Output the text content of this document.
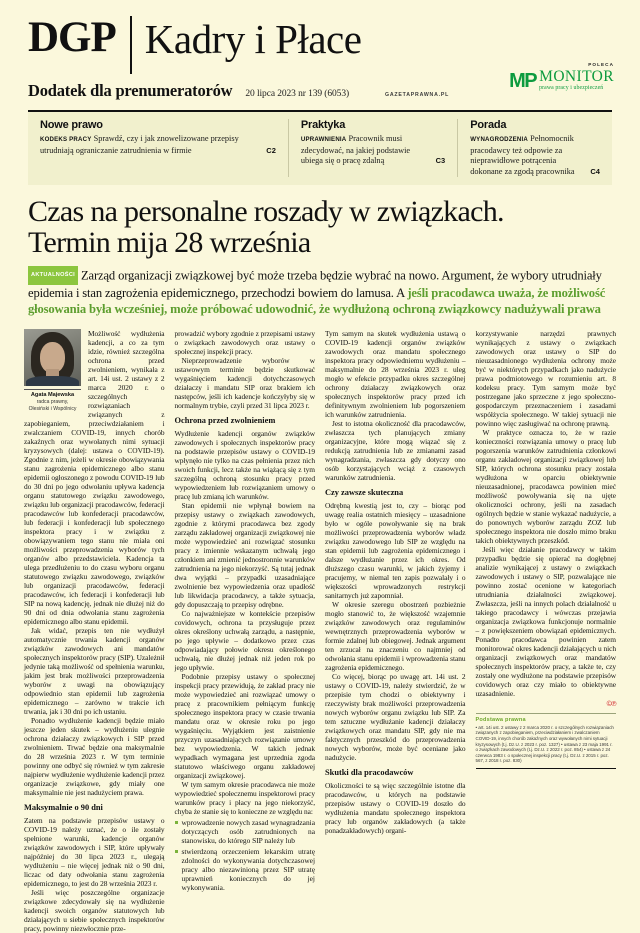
DGP Kadry i Płace
Dodatek dla prenumeratorów 20 lipca 2023 nr 139 (6053)	GAZETAPRAWNA.PL
POLECA
MP MONITOR
prawa pracy i ubezpieczeń
Nowe prawo
KODEKS PRACY Sprawdź, czy i jak znowelizowane przepisy utrudniają ograniczanie zatrudnienia w firmie	C2
Praktyka
UPRAWNIENIA Pracownik musi zdecydować, na jakiej podstawie ubiega się o pracę zdalną	C3
Porada
WYNAGRODZENIA Pełnomocnik pracodawcy też odpowie za nieprawidłowe potrącenia dokonane za zgodą pracownika C4
Czas na personalne roszady w związkach.
Termin mija 28 września
AKTUALNOŚCI Zarząd organizacji związkowej być może trzeba będzie wybrać na nowo. Argument, że wybory utrudniały epidemia i stan zagrożenia epidemicznego, przechodzi bowiem do lamusa. A jeśli pracodawca uważa, że możliwość głosowania była wcześniej, może próbować udowodnić, że wydłużoną ochroną związkowcy nadużywali prawa
Agata Majewska
radca prawny,
Olesiński i Wspólnicy

Możliwość wydłużenia kadencji, a co za tym idzie, również szczególna ochrona przed zwolnieniem, wynikała z art. 14i ust. 2 ustawy z 2 marca 2020 r. o szczególnych rozwiązaniach związanych z zapobieganiem, przeciwdziałaniem i zwalczaniem COVID-19, innych chorób zakaźnych oraz wywołanych nimi sytuacji kryzysowych (dalej: ustawa o COVID-19). Zgodnie z nim, jeżeli w okresie obowiązywania stanu zagrożenia epidemicznego albo stanu epidemii ogłoszonego z powodu COVID-19 lub do 30 dni po jego odwołaniu upływa kadencja organu statutowego związku zawodowego, związku lub organizacji pracodawców, federacji pracodawców lub konfederacji pracodawców, lub federacji i konfederacji lub społecznego inspektora pracy i w związku z obowiązywaniem tego stanu nie miała oni możliwości przeprowadzenia wyborów tych organów albo przedstawiciela. Kadencja ta ulega przedłużeniu to do czasu wyboru organu statutowego związku zawodowego, związków lub organizacji pracodawców, federacji pracodawców, ich federacji i konfederacji lub SIP na nową kadencję, jednak nie dłużej niż do 90 dni od dnia odwołania stanu zagrożenia epidemicznego albo stanu epidemii.

Jak widać, przepis ten nie wydłużył automatycznie trwania kadencji organów związków zawodowych ani mandatów społecznych inspektorów pracy (SIP). Uzależnił jedynie taką możliwość od spełnienia warunku, jakim jest brak możliwości przeprowadzenia wyborów z uwagi na obowiązujący odpowiednio stan epidemii lub zagrożenia epidemicznego – zarówno w trakcie ich trwania, jak i 30 dni po ich ustaniu.

Ponadto wydłużenie kadencji będzie miało jeszcze jeden skutek – wydłużeniu ulegnie ochrona działaczy związkowych i SIP przed zwolnieniem. Trwać będzie ona maksymalnie do 28 września 2023 r. W tym terminie powinny one odbyć się również w tym zakresie najpierw wydłużenie wydłużenie kadencji przez organizacje związkowe, gdy miały one maksymalnie nie jest nadużyciem prawa.

Maksymalnie o 90 dni

Zatem na podstawie przepisów ustawy o COVID-19 należy uznać, że o ile zostały spełnione warunki, kadencje organów związków zawodowych i SIP, które upływały najpóźniej do 30 lipca 2023 r., ulegają wydłużeniu – nie więcej jednak niż o 90 dni, liczac od daty odwołania stanu zagrożenia epidemicznego, to jest do 28 września 2023 r.

Jeśli więc poszczególne organizacje związkowe zdecydowały się na wydłużenie kadencji swoich organów statutowych lub działających u siebie społecznych inspektorów pracy, powinny niezwłocznie prze-

prowadzić wybory zgodnie z przepisami ustawy o związkach zawodowych oraz ustawy o społecznej inspekcji pracy.

Nieprzeprowadzenie wyborów w ustawowym terminie będzie skutkować wygaśnięciem kadencji dotychczasowych działaczy i mandatu SIP oraz brakiem ich następców, jeśli ich kadencje kończyłyby się w normalnym trybie, czyli przed 31 lipca 2023 r.

Ochrona przed zwolnieniem

Wydłużenie kadencji organów związków zawodowych i społecznych inspektorów pracy na podstawie przepisów ustawy o COVID-19 wpłynęło nie tylko na czas pełnienia przez nich swoich funkcji, lecz także na wiążącą się z tym szczególną ochroną stosunku pracy przed wypowiedzeniem lub rozwiązaniem umowy o pracę lub zmianą ich warunków.

Stan epidemii nie wpłynął bowiem na przepisy ustawy o związkach zawodowych, zgodnie z którymi pracodawca bez zgody zarządu zakładowej organizacji związkowej nie może wypowiedzieć ani rozwiązać stosunku pracy z imiennie wskazanym uchwałą jego członkiem ani zmienić jednostronnie warunków zatrudnienia na jego niekorzyść. Są tutaj jednak dwa wyjątki – przypadki uzasadniające zwolnienie bez wypowiedzenia oraz upadłość lub likwidacja pracodawcy, a także sytuacja, gdy dopuszczają to przepisy odrębne.

Co najważniejsze w kontekście przepisów covidowych, ochrona ta przysługuje przez okres określony uchwałą zarządu, a następnie, po jego upływie – dodatkowo przez czas odpowiadający połowie okresu określonego uchwałą, nie dłużej jednak niż jeden rok po jego upływie.

Podobnie przepisy ustawy o społecznej inspekcji pracy przewidują, że zakład pracy nie może wypowiedzieć ani rozwiązać umowy o pracę z pracownikiem pełniącym funkcję społecznego inspektora pracy w czasie trwania mandatu oraz w okresie roku po jego wygaśnięciu. Wyjątkiem jest zaistnienie przyczyn uzasadniających rozwiązanie umowy bez wypowiedzenia. W takich jednak wypadkach wymagana jest uprzednia zgoda statutowo właściwego organu zakładowej organizacji związkowej.

W tym samym okresie pracodawca nie może wypowiedzieć społecznemu inspektorowi pracy warunków pracy i płacy na jego niekorzyść, chyba że stanie się to konieczne ze względu na:

wprowadzenie nowych zasad wynagradzania dotyczących osób zatrudnionych na stanowisku, do którego SIP należy lub
stwierdzoną orzeczeniem lekarskim utratę zdolności do wykonywania dotychczasowej pracy albo niezawinioną przez SIP utratę uprawnień koniecznych do jej wykonywania.

Tym samym na skutek wydłużenia ustawą o COVID-19 kadencji organów związków zawodowych oraz mandatu społecznego inspektora pracy odpowiedniemu wydłużeniu – maksymalnie do 28 września 2023 r. uleg mogło w efekcie przypadku okres szczególnej ochrony działaczy związkowych oraz społecznych inspektorów pracy przed ich definitywnym zwolnieniem lub pogorszeniem ich warunków zatrudnienia.

Jest to istotna okoliczność dla pracodawców, zwłaszcza tych planujących zmiany organizacyjne, które mogą wiązać się z redukcją zatrudnienia lub ze zmianami zasad wynagradzania, zwłaszcza gdy dotyczy ono osób korzystających wciąż z czasowych warunków zatrudnienia.

Czy zawsze skuteczna

Odrębną kwestią jest to, czy – biorąc pod uwagę realia ostatnich miesięcy – uzasadnione było w ogóle powoływanie się na brak możliwości przeprowadzenia wyborów władz związku zawodowego lub SIP ze względu na stan epidemii lub zagrożenia epidemicznego i dalsze wydłużanie przez ich okres. Od dłuższego czasu warunki, w jakich żyjemy i pracujemy, w niemal ten zapis pozwalały i o większości wprowadzonych restrykcji sanitarnych już zapomniał.

W okresie szeregu obostrzeń pozbieżnie mogło stanowić to, że większość wzajemnie związków zawodowych oraz regulaminów wewnętrznych przeprowadzenia wyborów w formie zdalnej lub obiegowej. Jednak argument ten zrzucał na znaczeniu co najmniej od odwołania stanu epidemii i wprowadzenia stanu zagrożenia epidemicznego.

Co więcej, biorąc po uwagę art. 14i ust. 2 ustawy o COVID-19, należy stwierdzić, że w przepisie tym chodzi o obiektywny i rzeczywisty brak możliwości przeprowadzenia nowych wyborów organu związku lub SIP. Za tem sztuczne wydłużanie kadencji działaczy związkowych oraz mandatu SIP, gdy nie ma faktycznych przeszkód do przeprowadzenia nowych wyborów, może być oceniane jako nadużycie.

Skutki dla pracodawców

Okoliczności te są więc szczególnie istotne dla pracodawców, u których na podstawie przepisów ustawy o COVID-19 doszło do wydłużenia mandatu społecznego inspektora pracy lub organów zakładowych (a także ponadzakładowych) organi-

korzystywanie narzędzi prawnych wynikających z ustawy o związkach zawodowych oraz ustawy o SIP do nieuzasadnionego wydłużenia ochrony może być w niektórych przypadkach jako nadużycie prawa podmiotowego w rozumieniu art. 8 kodeksu pracy. Tym samym może być postrzegane jako sprzeczne z jego społeczno-gospodarczym przeznaczeniem i zasadami współżycia społecznego. W takiej sytuacji nie powinno więc zasługiwać na ochronę prawną.

W praktyce oznacza to, że w razie konieczności rozwiązania umowy o pracę lub pogorszenia warunków zatrudnienia członkowi organu zakładowej organizacji związkowej lub SIP, których ochrona stosunku pracy została wydłużona w oparciu obiektywnie nieuzasadnionej, pracodawca powinien mieć możliwość powoływania się na ujęte okoliczności ochrony, jeśli na zasadach ogólnych będzie w stanie wykazać nadużycie, a do ponownych wyborów zarządu ZOZ lub społecznego inspektora nie doszło mimo braku takich obiektywnych przeszkód.

Jeśli więc działanie pracodawcy w takim przypadku będzie się opierać na dogłębnej analizie wynikającej z ustawy o związkach zawodowych i ustawy o SIP, pozwalające nie powinno zostać ocenione w kategoriach utrudniania działalności związkowej. Zwłaszcza, jeśli na innych polach działalność u takiego pracodawcy i wówczas przejawia organizacja związkowa funkcjonuje normalnie – z powiększeniem obowiązań epidemicznych. Ponadto pracodawca powinien zatem monitorować okres kadencji działających u nich organizacji związkowych oraz mandatów społecznych inspektorów pracy, a także te, czy zostały one wydłużone na podstawie przepisów covidowych oraz czy miało to obiektywne uzasadnienie.

©℗
Podstawa prawna

• art. 14i ust. 2 ustawy z 2 marca 2020 r. o szczególnych rozwiązaniach związanych z zapobieganiem, przeciwdziałaniem i zwalczaniem COVID-19, innych chorób zakaźnych oraz wywołanych nimi sytuacji kryzysowych (t.j. Dz.U. z 2023 r. poz. 1327) • ustawa z 23 maja 1991 r. o związkach zawodowych (t.j. Dz.U. z 2022 r. poz. 854) • ustawa z 24 czerwca 1983 r. o społecznej inspekcji pracy (t.j. Dz.U. z 2015 r. poz. 567, z 2018 r. poz. 830)
